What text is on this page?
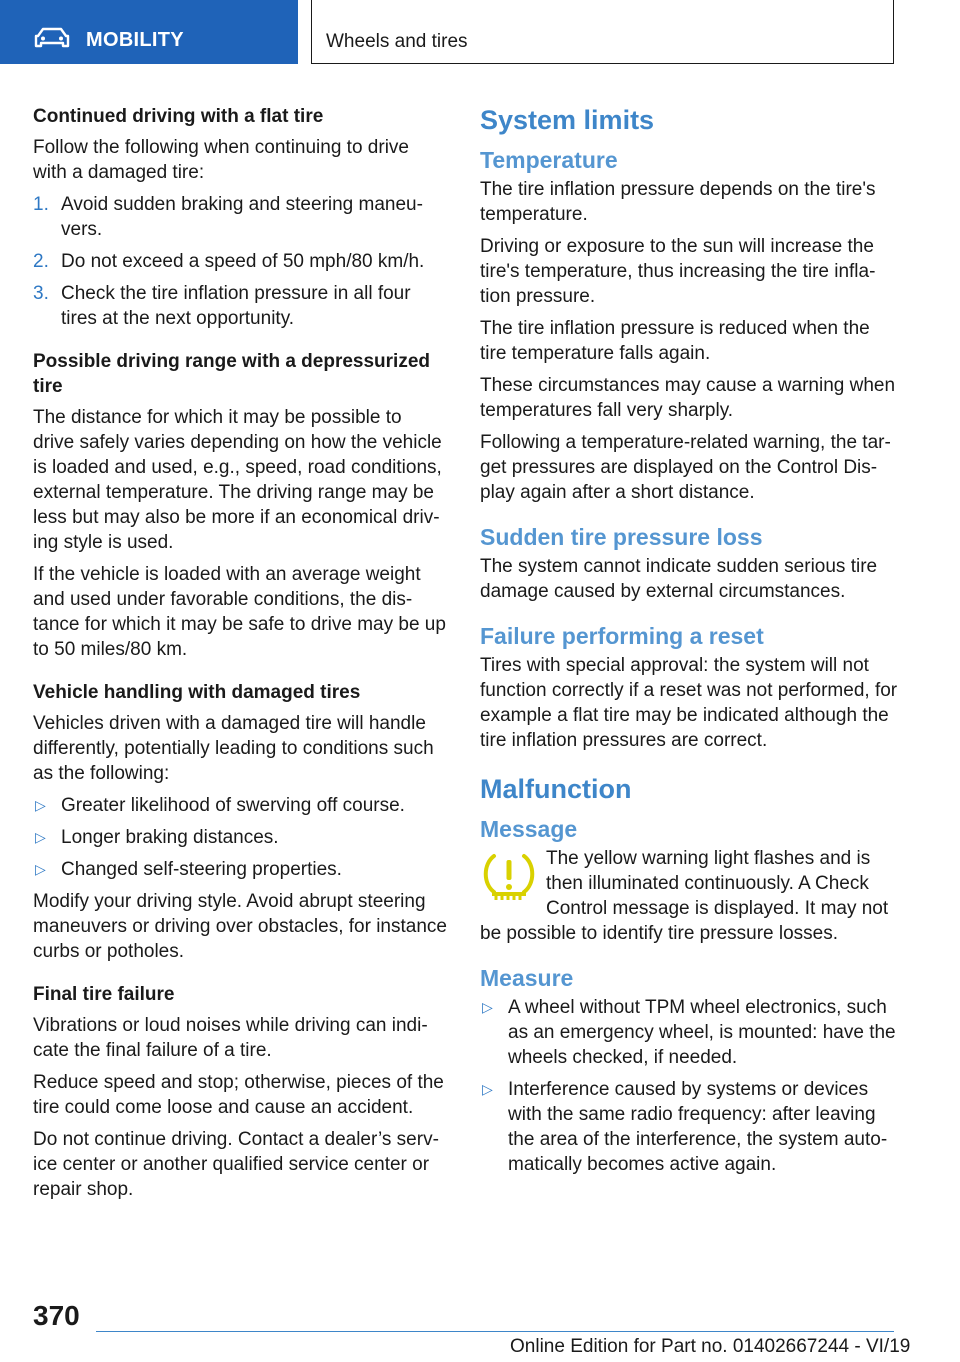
MOBILITY	Wheels and tires
Continued driving with a flat tire

Follow the following when continuing to drive with a damaged tire:

1. Avoid sudden braking and steering maneu‐ vers.
2. Do not exceed a speed of 50 mph/80 km/h.
3. Check the tire inflation pressure in all four tires at the next opportunity.
Possible driving range with a depressurized tire

The distance for which it may be possible to drive safely varies depending on how the vehicle is loaded and used, e.g., speed, road conditions, external temperature. The driving range may be less but may also be more if an economical driv‐ ing style is used.

If the vehicle is loaded with an average weight and used under favorable conditions, the dis‐ tance for which it may be safe to drive may be up to 50 miles/80 km.

Vehicle handling with damaged tires

Vehicles driven with a damaged tire will handle differently, potentially leading to conditions such as the following:

▷ Greater likelihood of swerving off course.
▷ Longer braking distances.
▷ Changed self-steering properties.

Modify your driving style. Avoid abrupt steering maneuvers or driving over obstacles, for instance curbs or potholes.

Final tire failure

Vibrations or loud noises while driving can indi‐ cate the final failure of a tire.

Reduce speed and stop; otherwise, pieces of the tire could come loose and cause an accident.

Do not continue driving. Contact a dealer’s serv‐ ice center or another qualified service center or repair shop.

System limits
Temperature

The tire inflation pressure depends on the tire's temperature.

Driving or exposure to the sun will increase the tire's temperature, thus increasing the tire infla‐ tion pressure.

The tire inflation pressure is reduced when the tire temperature falls again.

These circumstances may cause a warning when temperatures fall very sharply.

Following a temperature-related warning, the tar‐ get pressures are displayed on the Control Dis‐ play again after a short distance.

Sudden tire pressure loss

The system cannot indicate sudden serious tire damage caused by external circumstances.

Failure performing a reset

Tires with special approval: the system will not function correctly if a reset was not performed, for example a flat tire may be indicated although the tire inflation pressures are correct.

Malfunction
Message

The yellow warning light flashes and is then illuminated continuously. A Check Control message is displayed. It may not be possible to identify tire pressure losses.

Measure
▷ A wheel without TPM wheel electronics, such as an emergency wheel, is mounted: have the wheels checked, if needed.
▷ Interference caused by systems or devices with the same radio frequency: after leaving the area of the interference, the system auto‐ matically becomes active again.
370
Online Edition for Part no. 01402667244 - VI/19
